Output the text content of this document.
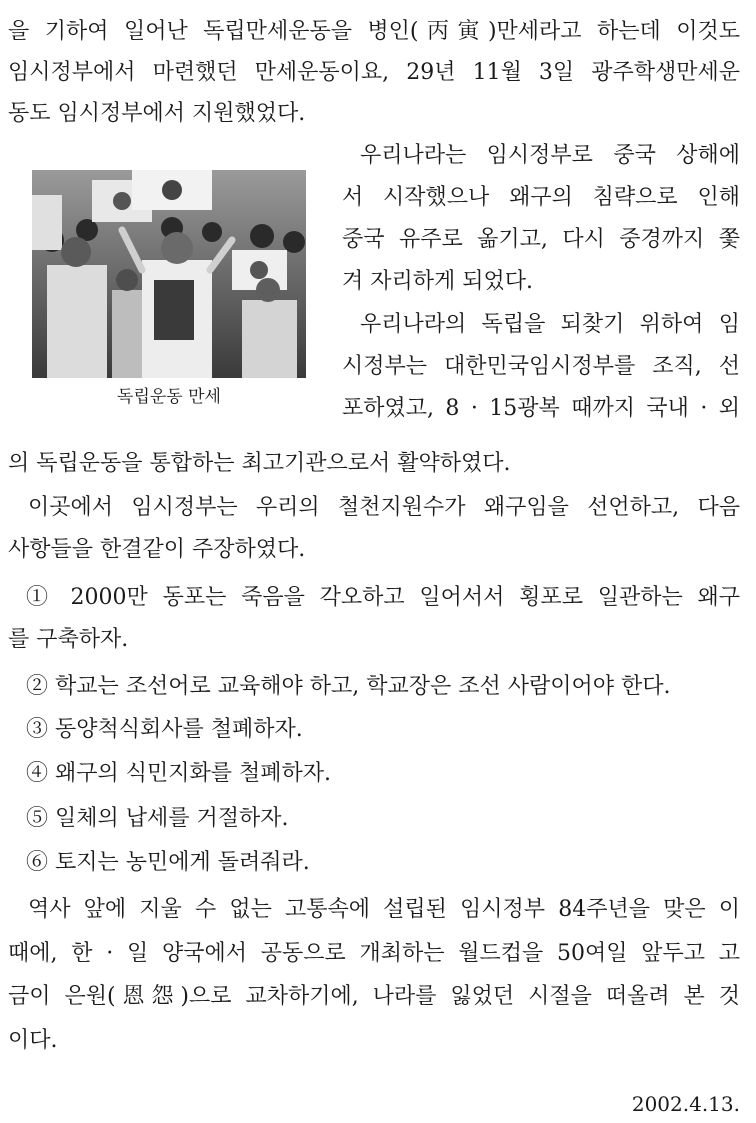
을 기하여 일어난 독립만세운동을 병인(丙寅)만세라고 하는데 이것도
임시정부에서 마련했던 만세운동이요, 29년 11월 3일 광주학생만세운
동도 임시정부에서 지원했었다.
독립운동 만세
우리나라는 임시정부로 중국 상해에
서 시작했으나 왜구의 침략으로 인해
중국 유주로 옮기고, 다시 중경까지 쫓
겨 자리하게 되었다.
우리나라의 독립을 되찾기 위하여 임
시정부는 대한민국임시정부를 조직, 선
포하였고, 8 · 15광복 때까지 국내 · 외
의 독립운동을 통합하는 최고기관으로서 활약하였다.
이곳에서 임시정부는 우리의 철천지원수가 왜구임을 선언하고, 다음
사항들을 한결같이 주장하였다.
① 2000만 동포는 죽음을 각오하고 일어서서 횡포로 일관하는 왜구
를 구축하자.
② 학교는 조선어로 교육해야 하고, 학교장은 조선 사람이어야 한다.
③ 동양척식회사를 철폐하자.
④ 왜구의 식민지화를 철폐하자.
⑤ 일체의 납세를 거절하자.
⑥ 토지는 농민에게 돌려줘라.
역사 앞에 지울 수 없는 고통속에 설립된 임시정부 84주년을 맞은 이
때에, 한 · 일 양국에서 공동으로 개최하는 월드컵을 50여일 앞두고 고
금이 은원(恩怨)으로 교차하기에, 나라를 잃었던 시절을 떠올려 본 것
이다.
2002.4.13.
